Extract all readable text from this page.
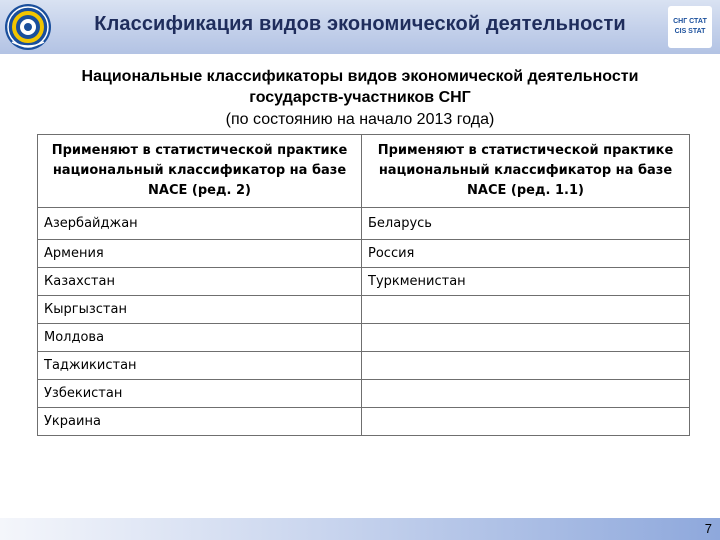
Классификация видов экономической деятельности	СНГ СТАТ
CIS STAT
Национальные классификаторы видов экономической деятельности
государств-участников СНГ
(по состоянию на начало 2013 года)
Применяют в статистической практике национальный классификатор на базе NACE (ред. 2)	Применяют в статистической практике национальный классификатор на базе NACE (ред. 1.1)
Азербайджан	Беларусь
Армения	Россия
Казахстан	Туркменистан
Кыргызстан	
Молдова	
Таджикистан	
Узбекистан	
Украина	
7
